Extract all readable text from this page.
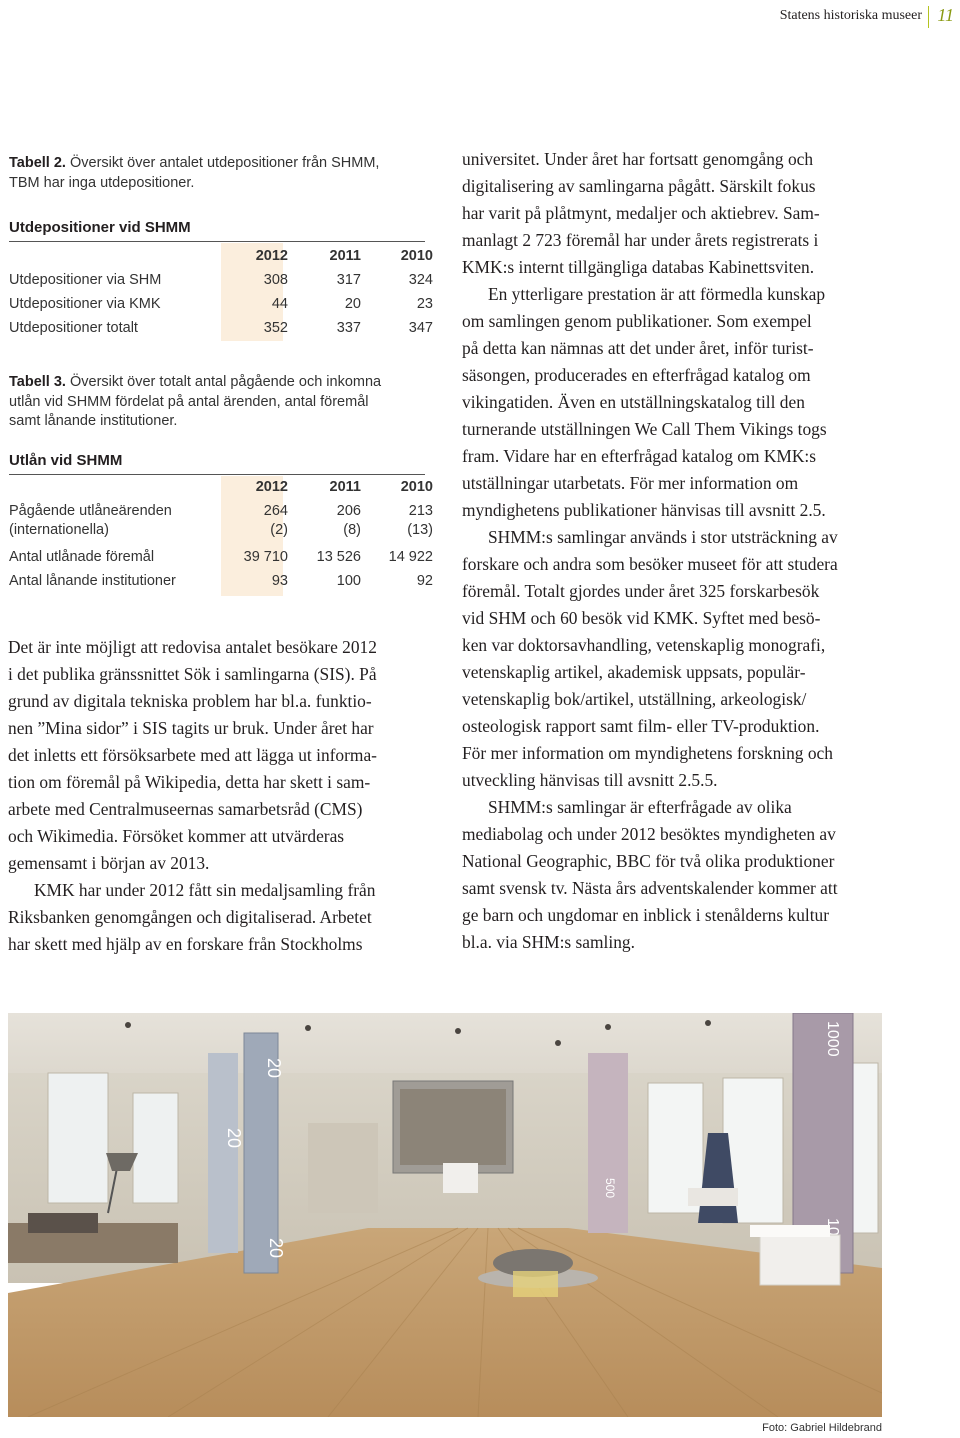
Statens historiska museer 11
Tabell 2. Översikt över antalet utdepositioner från SHMM,
TBM har inga utdepositioner.
Utdepositioner vid SHMM
2012	2011	2010
Utdepositioner via SHM	308	317	324
Utdepositioner via KMK	44	20	23
Utdepositioner totalt	352	337	347
Tabell 3. Översikt över totalt antal pågående och inkomna
utlån vid SHMM fördelat på antal ärenden, antal föremål
samt lånande institutioner.
Utlån vid SHMM
2012	2011	2010
Pågående utlåneärenden	264	206	213
(internationella)	(2)	(8)	(13)
Antal utlånade föremål	39 710	13 526	14 922
Antal lånande institutioner	93	100	92

Det är inte möjligt att redovisa antalet besökare 2012
i det publika gränssnittet Sök i samlingarna (SIS). På
grund av digitala tekniska problem har bl.a. funktio-
nen ”Mina sidor” i SIS tagits ur bruk. Under året har
det inletts ett försöksarbete med att lägga ut informa-
tion om föremål på Wikipedia, detta har skett i sam-
arbete med Centralmuseernas samarbetsråd (CMS)
och Wikimedia. Försöket kommer att utvärderas
gemensamt i början av 2013.

KMK har under 2012 fått sin medaljsamling från
Riksbanken genomgången och digitaliserad. Arbetet
har skett med hjälp av en forskare från Stockholms

universitet. Under året har fortsatt genomgång och
digitalisering av samlingarna pågått. Särskilt fokus
har varit på plåtmynt, medaljer och aktiebrev. Sam-
manlagt 2 723 föremål har under årets registrerats i
KMK:s internt tillgängliga databas Kabinettsviten.

En ytterligare prestation är att förmedla kunskap
om samlingen genom publikationer. Som exempel
på detta kan nämnas att det under året, inför turist-
säsongen, producerades en efterfrågad katalog om
vikingatiden. Även en utställningskatalog till den
turnerande utställningen We Call Them Vikings togs
fram. Vidare har en efterfrågad katalog om KMK:s
utställningar utarbetats. För mer information om
myndighetens publikationer hänvisas till avsnitt 2.5.

SHMM:s samlingar används i stor utsträckning av
forskare och andra som besöker museet för att studera
föremål. Totalt gjordes under året 325 forskarbesök
vid SHM och 60 besök vid KMK. Syftet med besö-
ken var doktorsavhandling, vetenskaplig monografi,
vetenskaplig artikel, akademisk uppsats, populär-
vetenskaplig bok/artikel, utställning, arkeologisk/
osteologisk rapport samt film- eller TV-produktion.
För mer information om myndighetens forskning och
utveckling hänvisas till avsnitt 2.5.5.

SHMM:s samlingar är efterfrågade av olika
mediabolag och under 2012 besöktes myndigheten av
National Geographic, BBC för två olika produktioner
samt svensk tv. Nästa års adventskalender kommer att
ge barn och ungdomar en inblick i stenålderns kultur
bl.a. via SHM:s samling.

20
20
20
1000
500
Foto: Gabriel Hildebrand
